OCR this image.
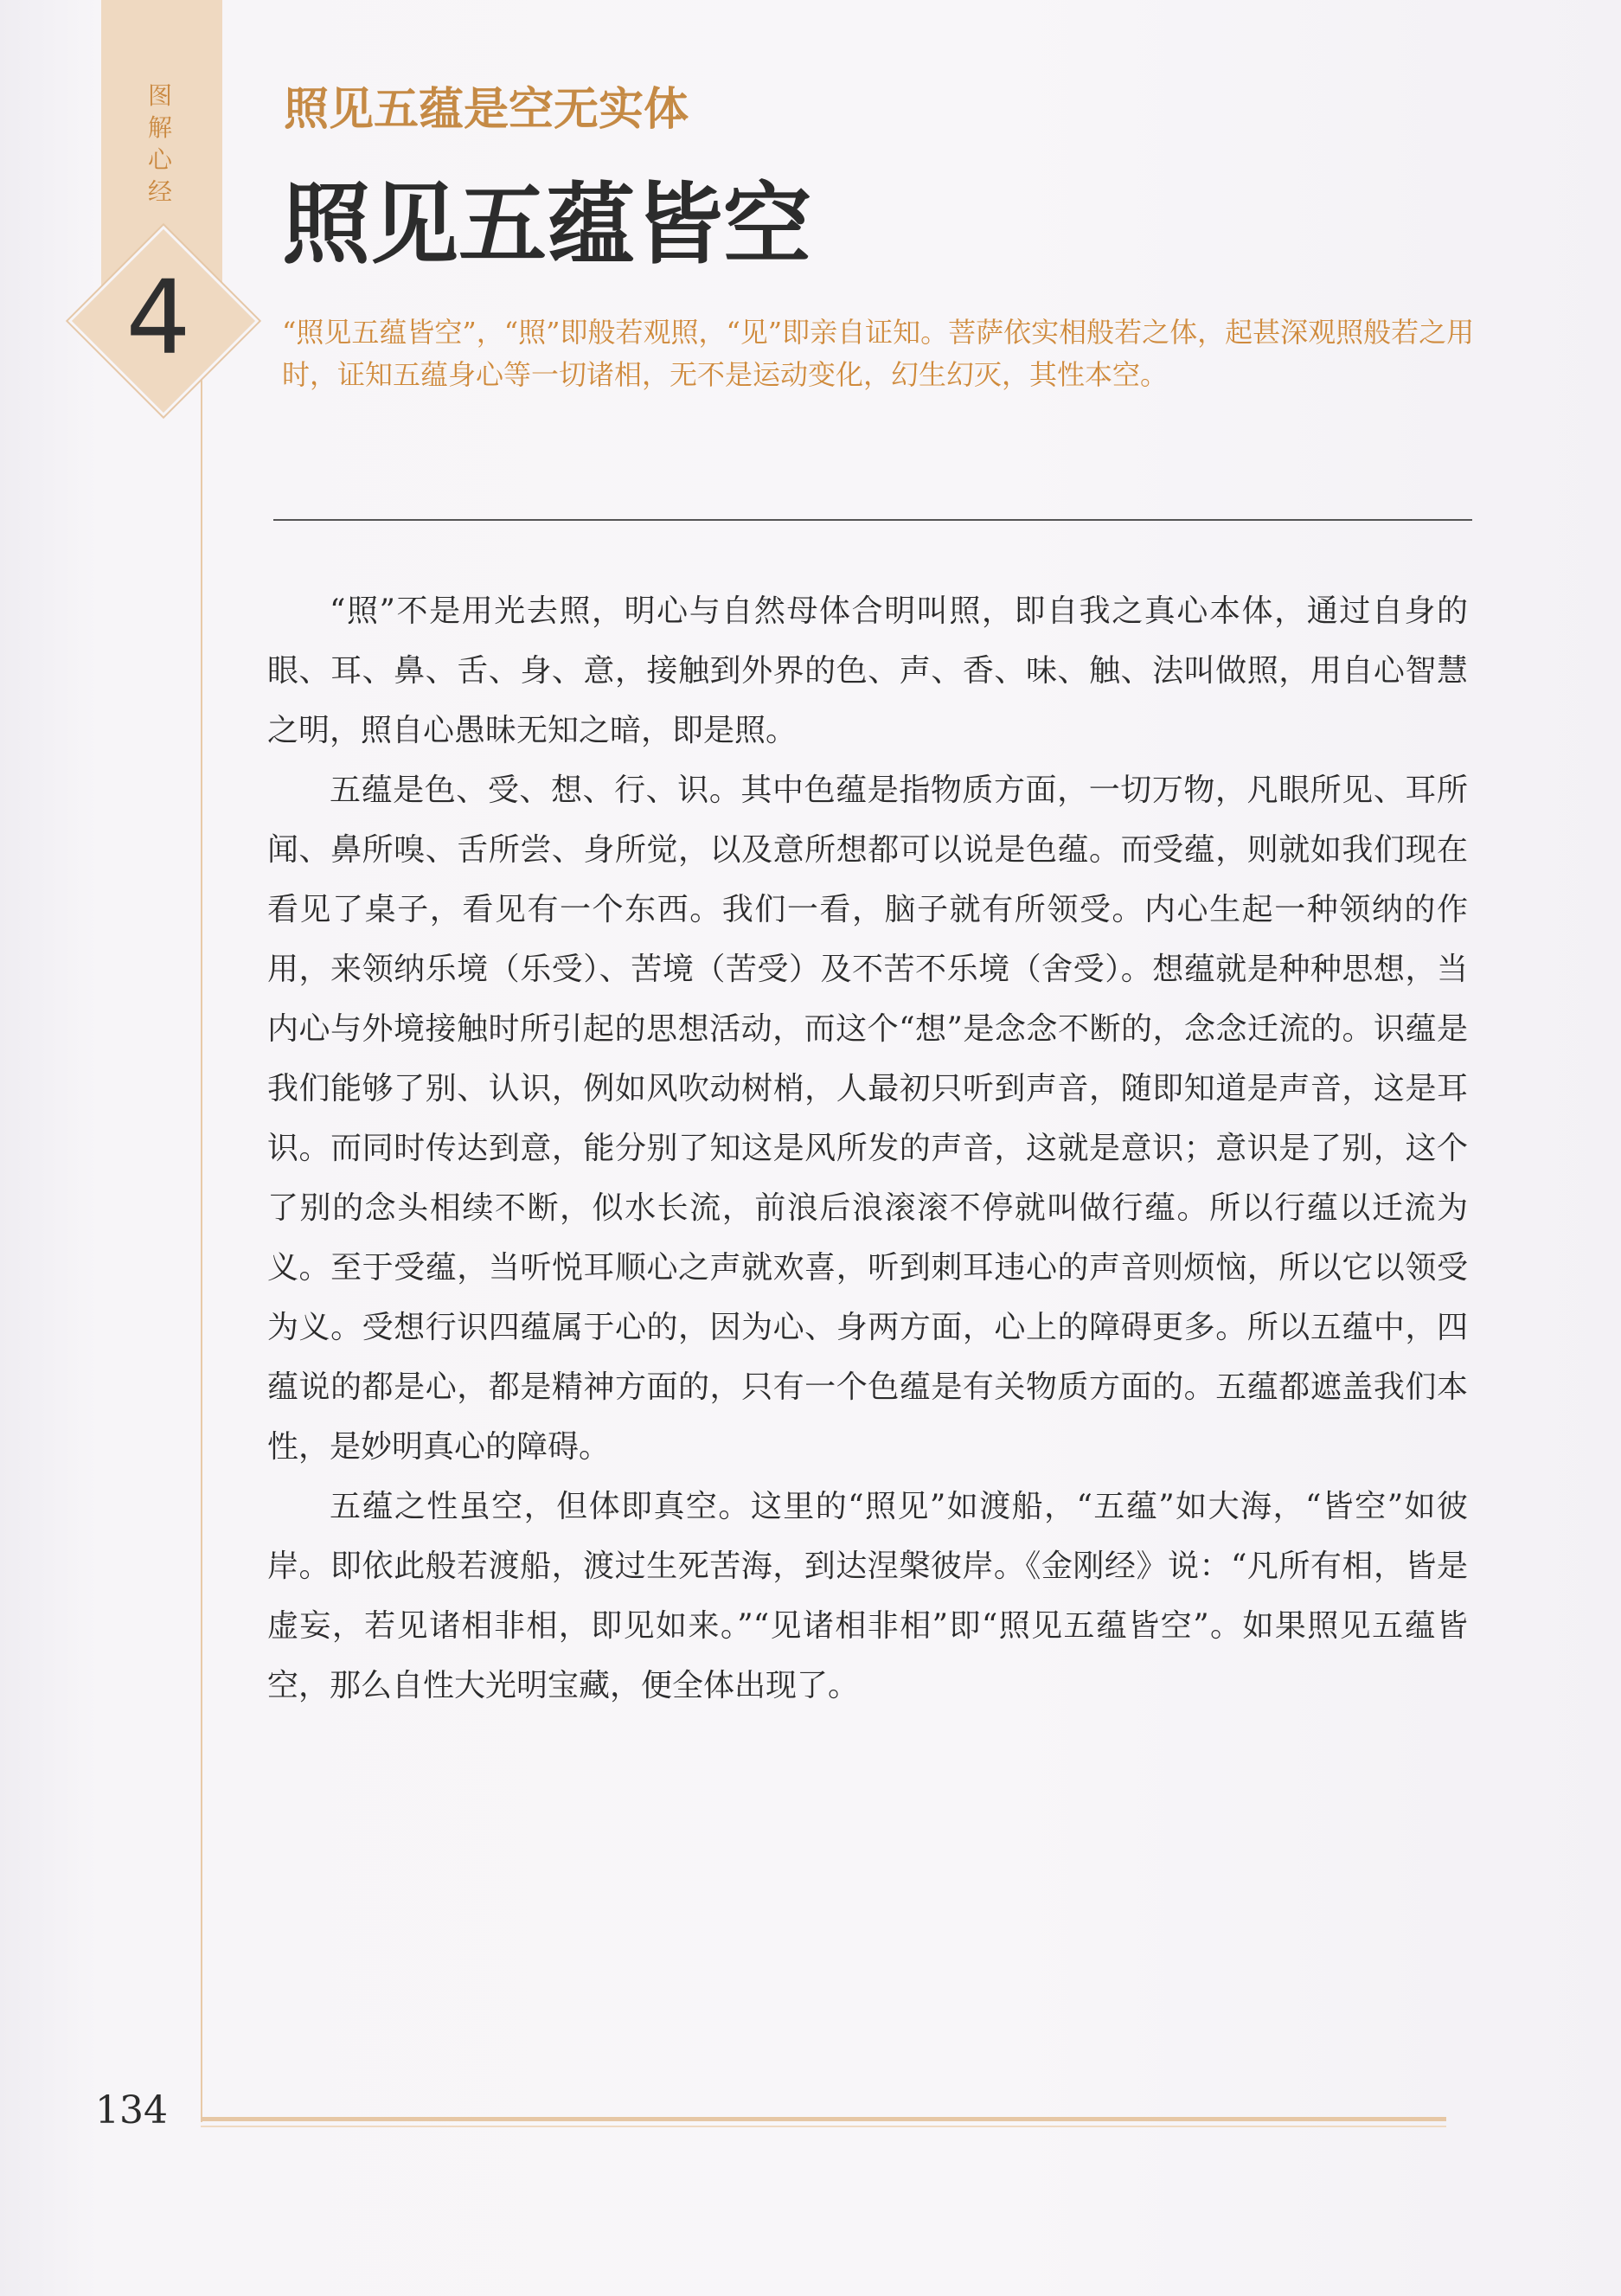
图解心经
4
照见五蕴是空无实体
照见五蕴皆空
“照见五蕴皆空”，“照”即般若观照，“见”即亲自证知。菩萨依实相般若之体，起甚深观照般若之用时，证知五蕴身心等一切诸相，无不是运动变化，幻生幻灭，其性本空。

“照”不是用光去照，明心与自然母体合明叫照，即自我之真心本体，通过自身的眼、耳、鼻、舌、身、意，接触到外界的色、声、香、味、触、法叫做照，用自心智慧之明，照自心愚昧无知之暗，即是照。

五蕴是色、受、想、行、识。其中色蕴是指物质方面，一切万物，凡眼所见、耳所闻、鼻所嗅、舌所尝、身所觉，以及意所想都可以说是色蕴。而受蕴，则就如我们现在看见了桌子，看见有一个东西。我们一看，脑子就有所领受。内心生起一种领纳的作用，来领纳乐境（乐受）、苦境（苦受）及不苦不乐境（舍受）。想蕴就是种种思想，当内心与外境接触时所引起的思想活动，而这个“想”是念念不断的，念念迁流的。识蕴是我们能够了别、认识，例如风吹动树梢，人最初只听到声音，随即知道是声音，这是耳识。而同时传达到意，能分别了知这是风所发的声音，这就是意识；意识是了别，这个了别的念头相续不断，似水长流，前浪后浪滚滚不停就叫做行蕴。所以行蕴以迁流为义。至于受蕴，当听悦耳顺心之声就欢喜，听到刺耳违心的声音则烦恼，所以它以领受为义。受想行识四蕴属于心的，因为心、身两方面，心上的障碍更多。所以五蕴中，四蕴说的都是心，都是精神方面的，只有一个色蕴是有关物质方面的。五蕴都遮盖我们本性，是妙明真心的障碍。

五蕴之性虽空，但体即真空。这里的“照见”如渡船，“五蕴”如大海，“皆空”如彼岸。即依此般若渡船，渡过生死苦海，到达涅槃彼岸。《金刚经》说：“凡所有相，皆是虚妄，若见诸相非相，即见如来。”“见诸相非相”即“照见五蕴皆空”。如果照见五蕴皆空，那么自性大光明宝藏，便全体出现了。

134
